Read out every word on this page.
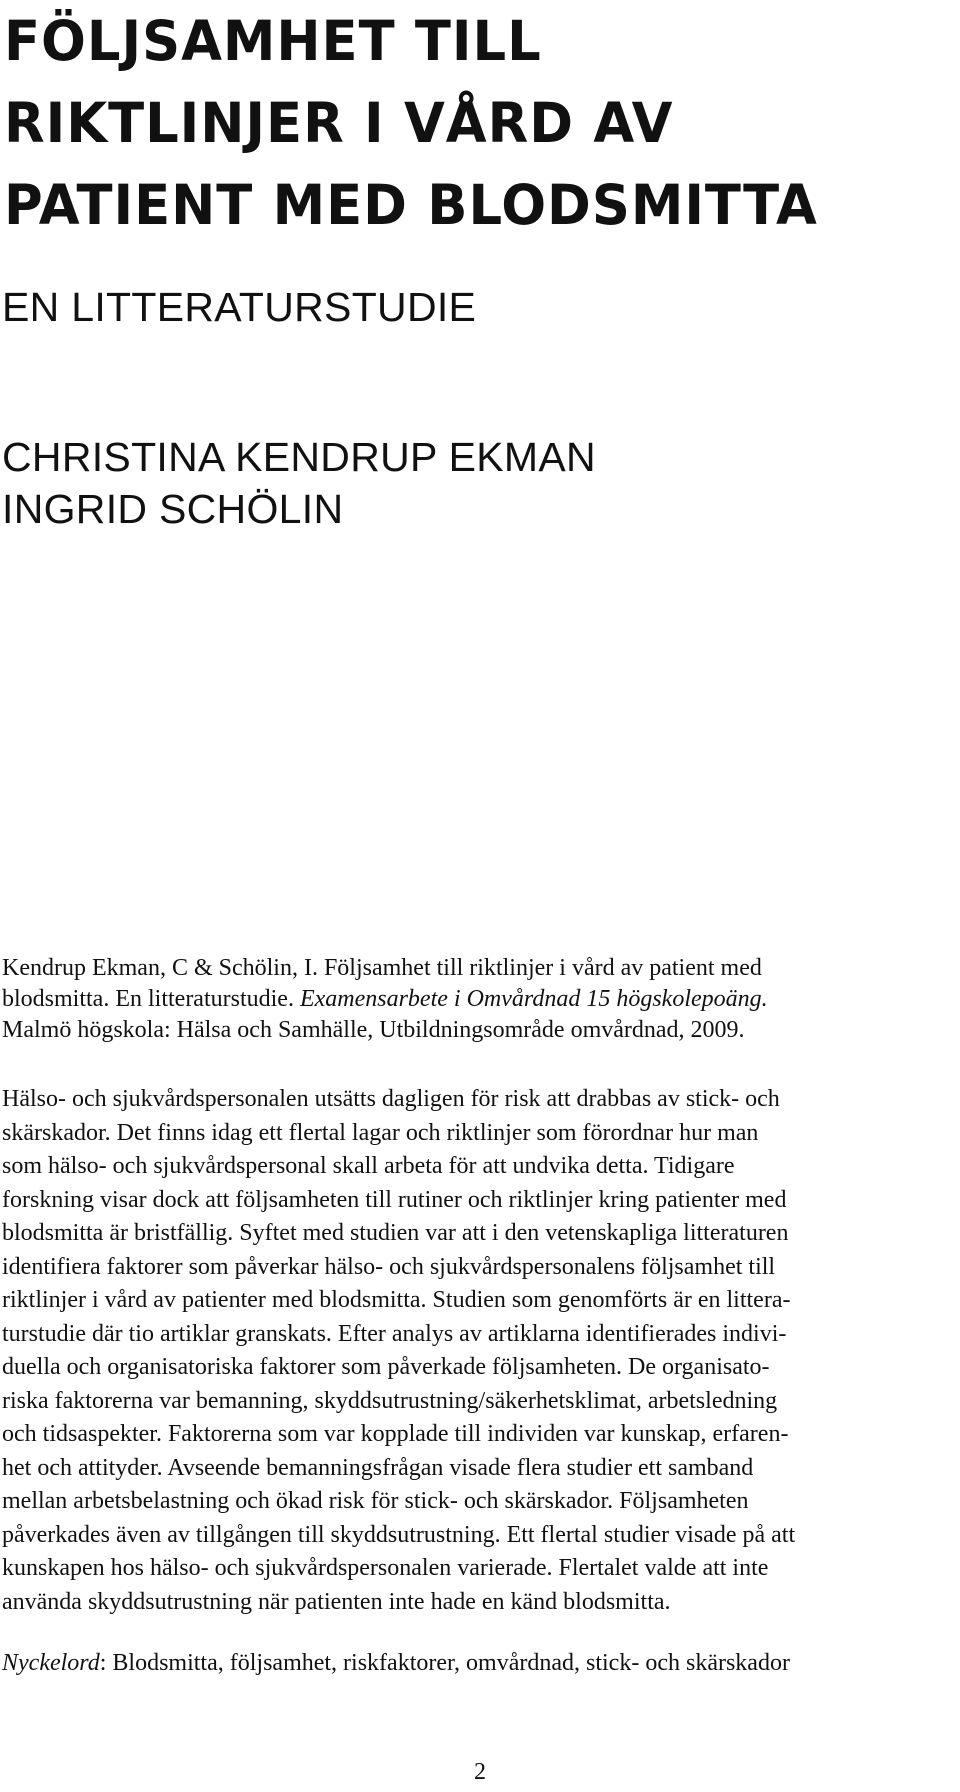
FÖLJSAMHET TILL
RIKTLINJER I VÅRD AV
PATIENT MED BLODSMITTA
EN LITTERATURSTUDIE
CHRISTINA KENDRUP EKMAN
INGRID SCHÖLIN
Kendrup Ekman, C & Schölin, I. Följsamhet till riktlinjer i vård av patient med
blodsmitta. En litteraturstudie. Examensarbete i Omvårdnad 15 högskolepoäng.
Malmö högskola: Hälsa och Samhälle, Utbildningsområde omvårdnad, 2009.
Hälso- och sjukvårdspersonalen utsätts dagligen för risk att drabbas av stick- och
skärskador. Det finns idag ett flertal lagar och riktlinjer som förordnar hur man
som hälso- och sjukvårdspersonal skall arbeta för att undvika detta. Tidigare
forskning visar dock att följsamheten till rutiner och riktlinjer kring patienter med
blodsmitta är bristfällig. Syftet med studien var att i den vetenskapliga litteraturen
identifiera faktorer som påverkar hälso- och sjukvårdspersonalens följsamhet till
riktlinjer i vård av patienter med blodsmitta. Studien som genomförts är en littera-
turstudie där tio artiklar granskats. Efter analys av artiklarna identifierades indivi-
duella och organisatoriska faktorer som påverkade följsamheten. De organisato-
riska faktorerna var bemanning, skyddsutrustning/säkerhetsklimat, arbetsledning
och tidsaspekter. Faktorerna som var kopplade till individen var kunskap, erfaren-
het och attityder. Avseende bemanningsfrågan visade flera studier ett samband
mellan arbetsbelastning och ökad risk för stick- och skärskador. Följsamheten
påverkades även av tillgången till skyddsutrustning. Ett flertal studier visade på att
kunskapen hos hälso- och sjukvårdspersonalen varierade. Flertalet valde att inte
använda skyddsutrustning när patienten inte hade en känd blodsmitta.
Nyckelord: Blodsmitta, följsamhet, riskfaktorer, omvårdnad, stick- och skärskador
2
